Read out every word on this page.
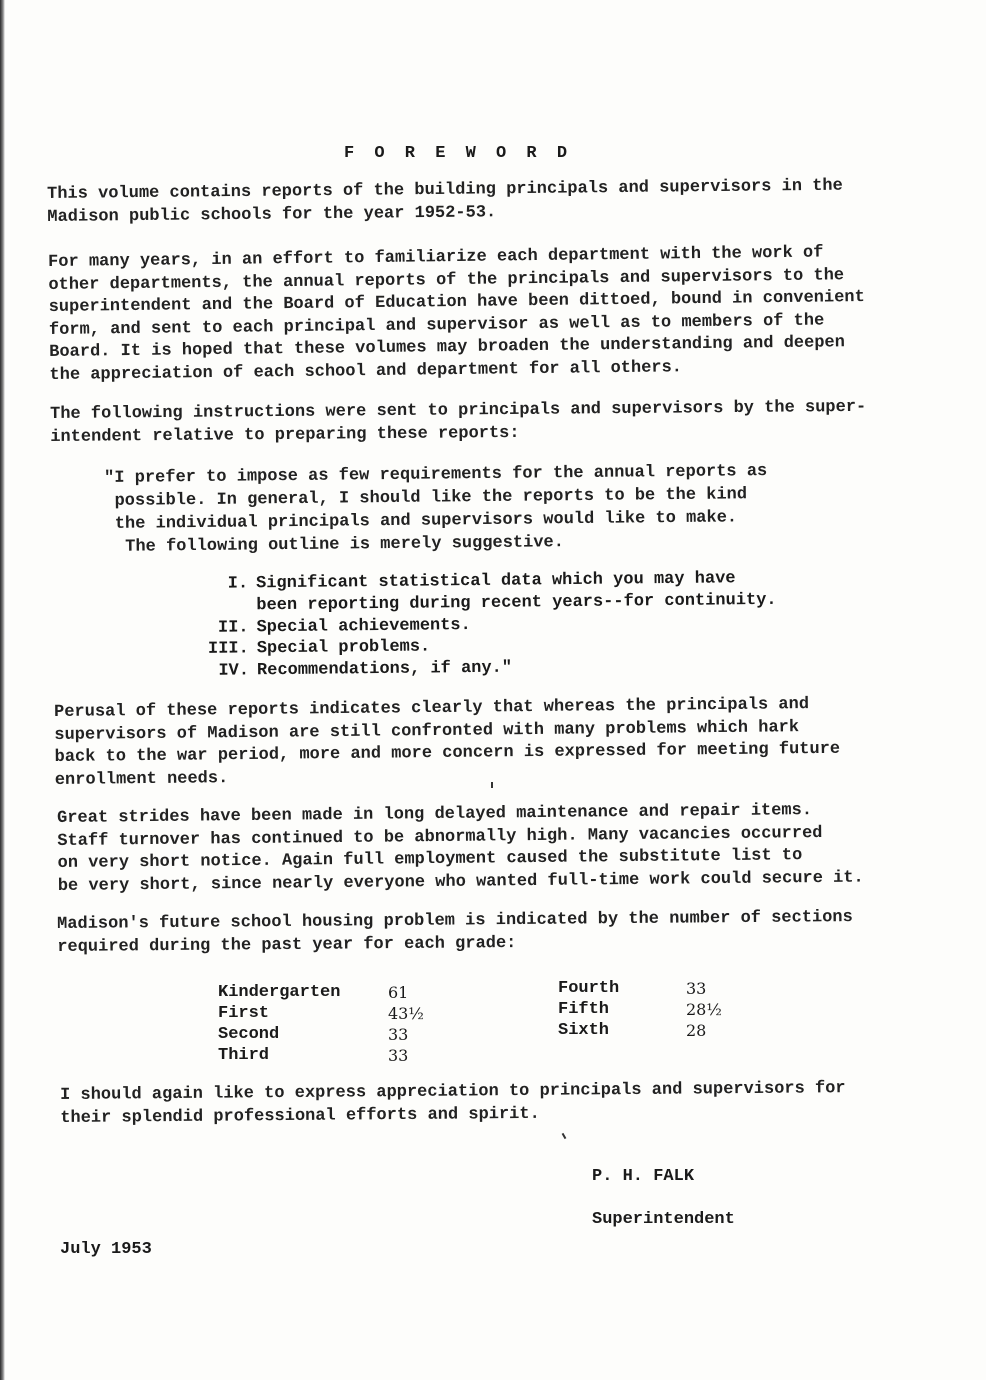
F O R E W O R D
This volume contains reports of the building principals and supervisors in the
Madison public schools for the year 1952-53.
For many years, in an effort to familiarize each department with the work of
other departments, the annual reports of the principals and supervisors to the
superintendent and the Board of Education have been dittoed, bound in convenient
form, and sent to each principal and supervisor as well as to members of the
Board. It is hoped that these volumes may broaden the understanding and deepen
the appreciation of each school and department for all others.
The following instructions were sent to principals and supervisors by the super-
intendent relative to preparing these reports:
"I prefer to impose as few requirements for the annual reports as
possible. In general, I should like the reports to be the kind
the individual principals and supervisors would like to make.
The following outline is merely suggestive.
I. Significant statistical data which you may have
been reporting during recent years--for continuity.
II. Special achievements.
III. Special problems.
IV. Recommendations, if any."
Perusal of these reports indicates clearly that whereas the principals and
supervisors of Madison are still confronted with many problems which hark
back to the war period, more and more concern is expressed for meeting future
enrollment needs.
Great strides have been made in long delayed maintenance and repair items.
Staff turnover has continued to be abnormally high. Many vacancies occurred
on very short notice. Again full employment caused the substitute list to
be very short, since nearly everyone who wanted full-time work could secure it.
Madison's future school housing problem is indicated by the number of sections
required during the past year for each grade:
Kindergarten	61
First	43½
Second	33
Third	33
Fourth	33
Fifth	28½
Sixth	28
I should again like to express appreciation to principals and supervisors for
their splendid professional efforts and spirit.
P. H. FALK
Superintendent
July 1953
